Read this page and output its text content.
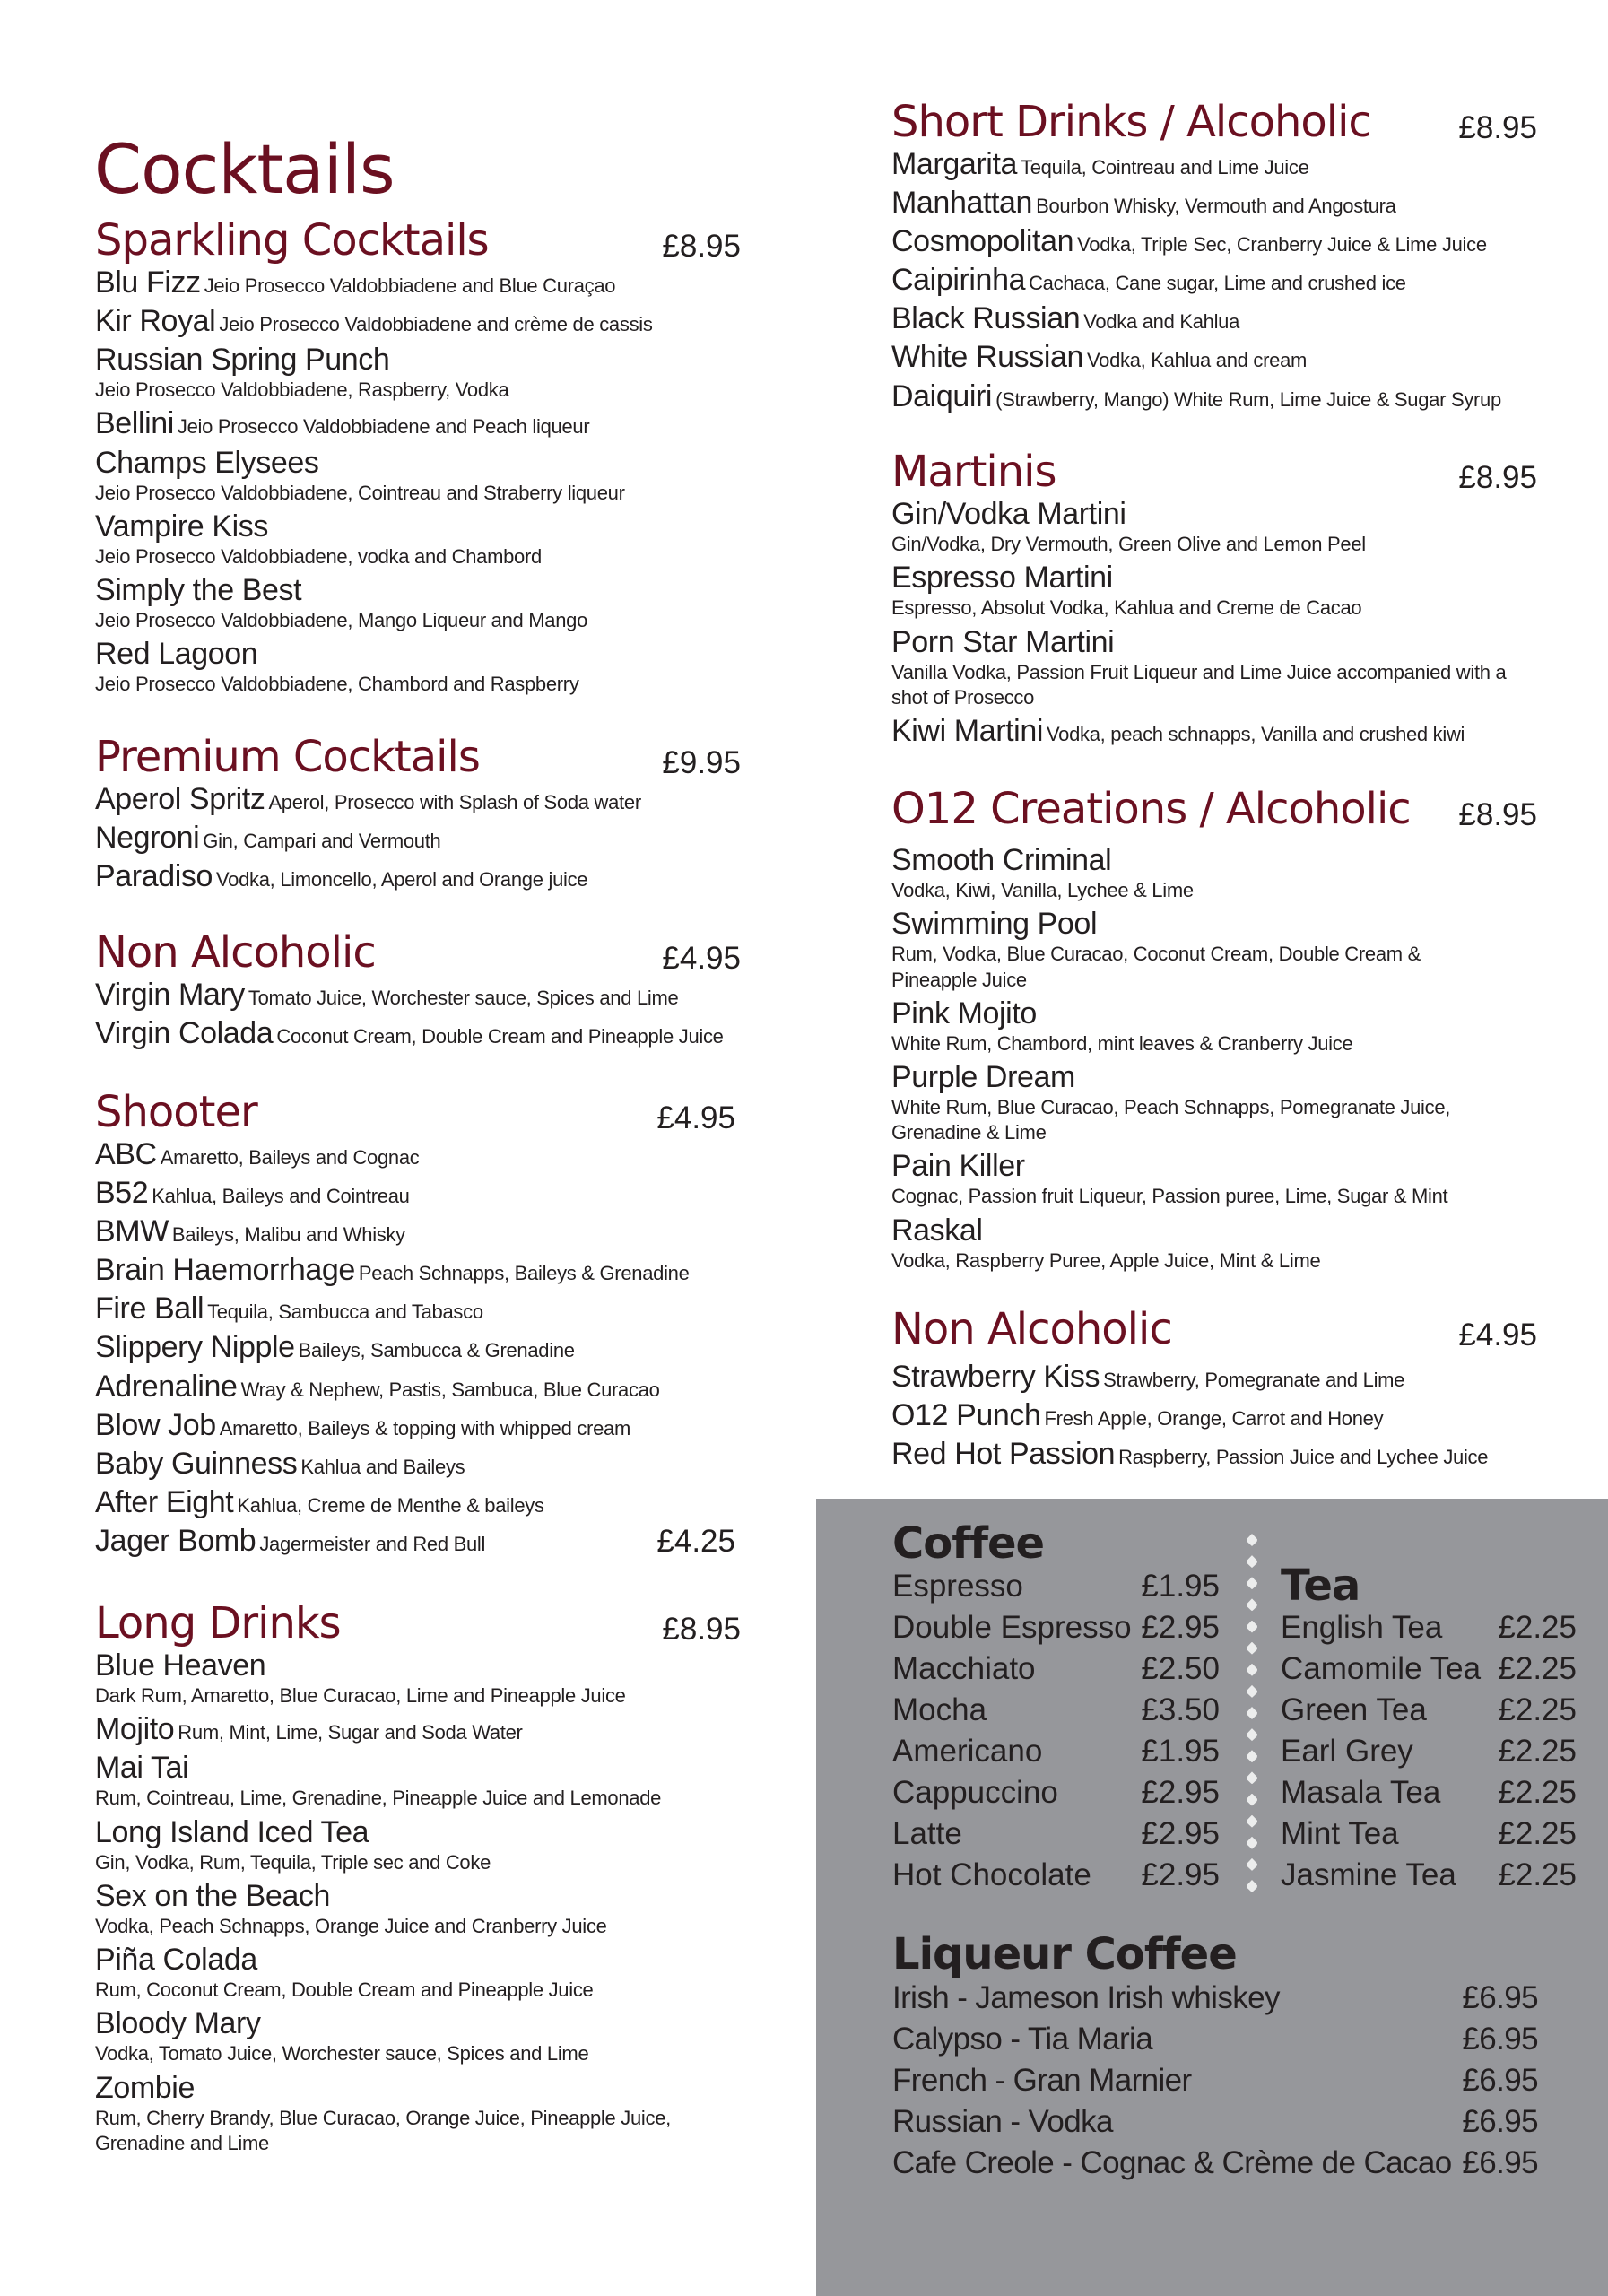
Cocktails
Sparkling Cocktails	£8.95
Blu Fizz Jeio Prosecco Valdobbiadene and Blue Curaçao
Kir Royal Jeio Prosecco Valdobbiadene and crème de cassis
Russian Spring Punch
Jeio Prosecco Valdobbiadene, Raspberry, Vodka
Bellini Jeio Prosecco Valdobbiadene and Peach liqueur
Champs Elysees
Jeio Prosecco Valdobbiadene, Cointreau and Straberry liqueur
Vampire Kiss
Jeio Prosecco Valdobbiadene, vodka and Chambord
Simply the Best
Jeio Prosecco Valdobbiadene, Mango Liqueur and Mango
Red Lagoon
Jeio Prosecco Valdobbiadene, Chambord and Raspberry
Premium Cocktails	£9.95
Aperol Spritz Aperol, Prosecco with Splash of Soda water
Negroni Gin, Campari and Vermouth
Paradiso Vodka, Limoncello, Aperol and Orange juice
Non Alcoholic	£4.95
Virgin Mary Tomato Juice, Worchester sauce, Spices and Lime
Virgin Colada Coconut Cream, Double Cream and Pineapple Juice
Shooter	£4.95
ABC Amaretto, Baileys and Cognac
B52 Kahlua, Baileys and Cointreau
BMW Baileys, Malibu and Whisky
Brain Haemorrhage Peach Schnapps, Baileys & Grenadine
Fire Ball Tequila, Sambucca and Tabasco
Slippery Nipple Baileys, Sambucca & Grenadine
Adrenaline Wray & Nephew, Pastis, Sambuca, Blue Curacao
Blow Job Amaretto, Baileys & topping with whipped cream
Baby Guinness Kahlua and Baileys
After Eight Kahlua, Creme de Menthe & baileys
Jager Bomb Jagermeister and Red Bull	£4.25
Long Drinks	£8.95
Blue Heaven
Dark Rum, Amaretto, Blue Curacao, Lime and Pineapple Juice
Mojito Rum, Mint, Lime, Sugar and Soda Water
Mai Tai
Rum, Cointreau, Lime, Grenadine, Pineapple Juice and Lemonade
Long Island Iced Tea
Gin, Vodka, Rum, Tequila, Triple sec and Coke
Sex on the Beach
Vodka, Peach Schnapps, Orange Juice and Cranberry Juice
Piña Colada
Rum, Coconut Cream, Double Cream and Pineapple Juice
Bloody Mary
Vodka, Tomato Juice, Worchester sauce, Spices and Lime
Zombie
Rum, Cherry Brandy, Blue Curacao, Orange Juice, Pineapple Juice, Grenadine and Lime
Short Drinks / Alcoholic	£8.95
Margarita Tequila, Cointreau and Lime Juice
Manhattan Bourbon Whisky, Vermouth and Angostura
Cosmopolitan Vodka, Triple Sec, Cranberry Juice & Lime Juice
Caipirinha Cachaca, Cane sugar, Lime and crushed ice
Black Russian Vodka and Kahlua
White Russian Vodka, Kahlua and cream
Daiquiri (Strawberry, Mango) White Rum, Lime Juice & Sugar Syrup
Martinis	£8.95
Gin/Vodka Martini
Gin/Vodka, Dry Vermouth, Green Olive and Lemon Peel
Espresso Martini
Espresso, Absolut Vodka, Kahlua and Creme de Cacao
Porn Star Martini
Vanilla Vodka, Passion Fruit Liqueur and Lime Juice accompanied with a shot of Prosecco
Kiwi Martini Vodka, peach schnapps, Vanilla and crushed kiwi
O12 Creations / Alcoholic £8.95
Smooth Criminal
Vodka, Kiwi, Vanilla, Lychee & Lime
Swimming Pool
Rum, Vodka, Blue Curacao, Coconut Cream, Double Cream & Pineapple Juice
Pink Mojito
White Rum, Chambord, mint leaves & Cranberry Juice
Purple Dream
White Rum, Blue Curacao, Peach Schnapps, Pomegranate Juice, Grenadine & Lime
Pain Killer
Cognac, Passion fruit Liqueur, Passion puree, Lime, Sugar & Mint
Raskal
Vodka, Raspberry Puree, Apple Juice, Mint & Lime
Non Alcoholic	£4.95
Strawberry Kiss Strawberry, Pomegranate and Lime
O12 Punch Fresh Apple, Orange, Carrot and Honey
Red Hot Passion Raspberry, Passion Juice and Lychee Juice
Coffee
Espresso	£1.95
Double Espresso £2.95
Macchiato	£2.50
Mocha	£3.50
Americano	£1.95
Cappuccino	£2.95
Latte	£2.95
Hot Chocolate £2.95
Tea
English Tea £2.25
Camomile Tea £2.25
Green Tea £2.25
Earl Grey	£2.25
Masala Tea £2.25
Mint Tea	£2.25
Jasmine Tea £2.25
Liqueur Coffee
Irish - Jameson Irish whiskey	£6.95
Calypso - Tia Maria	£6.95
French - Gran Marnier	£6.95
Russian - Vodka	£6.95
Cafe Creole - Cognac & Crème de Cacao £6.95
